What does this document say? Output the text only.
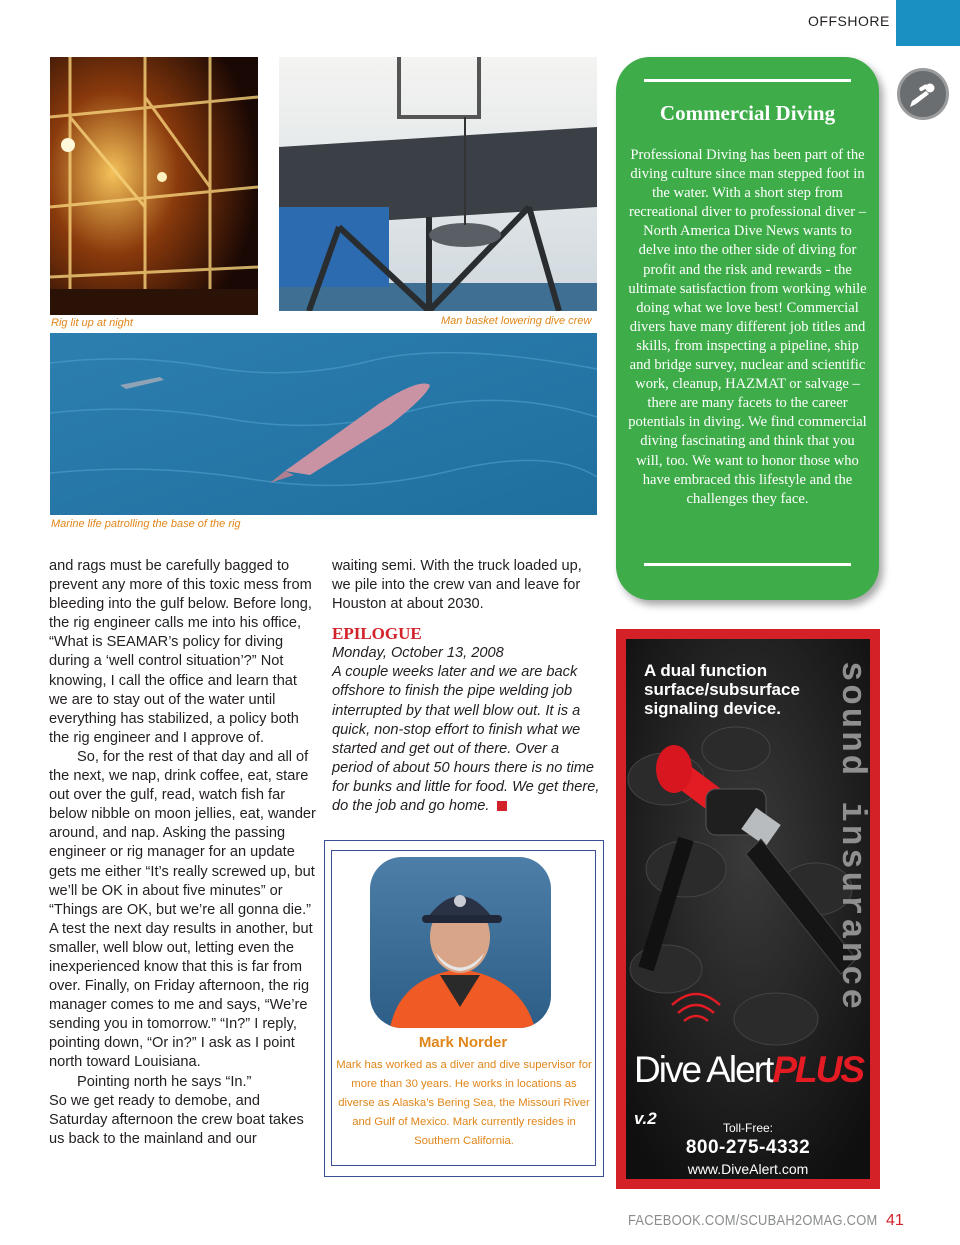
OFFSHORE
Rig lit up at night	Man basket lowering dive crew
Marine life patrolling the base of the rig

and rags must be carefully bagged to prevent any more of this toxic mess from bleeding into the gulf below. Before long, the rig engineer calls me into his office, “What is SEAMAR’s policy for diving during a ‘well control situation’?” Not knowing, I call the office and learn that we are to stay out of the water until everything has stabilized, a policy both the rig engineer and I approve of.

So, for the rest of that day and all of the next, we nap, drink coffee, eat, stare out over the gulf, read, watch fish far below nibble on moon jellies, eat, wander around, and nap. Asking the passing engineer or rig manager for an update gets me either “It’s really screwed up, but we’ll be OK in about five minutes” or “Things are OK, but we’re all gonna die.” A test the next day results in another, but smaller, well blow out, letting even the inexperienced know that this is far from over. Finally, on Friday afternoon, the rig manager comes to me and says, “We’re sending you in tomorrow.” “In?” I reply, pointing down, “Or in?” I ask as I point north toward Louisiana.

Pointing north he says “In.”

So we get ready to demobe, and Saturday afternoon the crew boat takes us back to the mainland and our

waiting semi. With the truck loaded up, we pile into the crew van and leave for Houston at about 2030.

EPILOGUE

Monday, October 13, 2008

A couple weeks later and we are back offshore to finish the pipe welding job interrupted by that well blow out. It is a quick, non-stop effort to finish what we started and get out of there. Over a period of about 50 hours there is no time for bunks and little for food. We get there, do the job and go home.

Commercial Diving
Professional Diving has been part of the diving culture since man stepped foot in the water. With a short step from recreational diver to professional diver – North America Dive News wants to delve into the other side of diving for profit and the risk and rewards - the ultimate satisfaction from working while doing what we love best! Commercial divers have many different job titles and skills, from inspecting a pipeline, ship and bridge survey, nuclear and scientific work, cleanup, HAZMAT or salvage – there are many facets to the career potentials in diving. We find commercial diving fascinating and think that you will, too. We want to honor those who have embraced this lifestyle and the challenges they face.
A dual function surface/subsurface signaling device.	sound insurance
Dive AlertPLUS v.2	Toll-Free:
800-275-4332
www.DiveAlert.com
Mark Norder
Mark has worked as a diver and dive supervisor for more than 30 years. He works in locations as diverse as Alaska’s Bering Sea, the Missouri River and Gulf of Mexico. Mark currently resides in Southern California.
FACEBOOK.COM/SCUBAH2OMAG.COM 41
